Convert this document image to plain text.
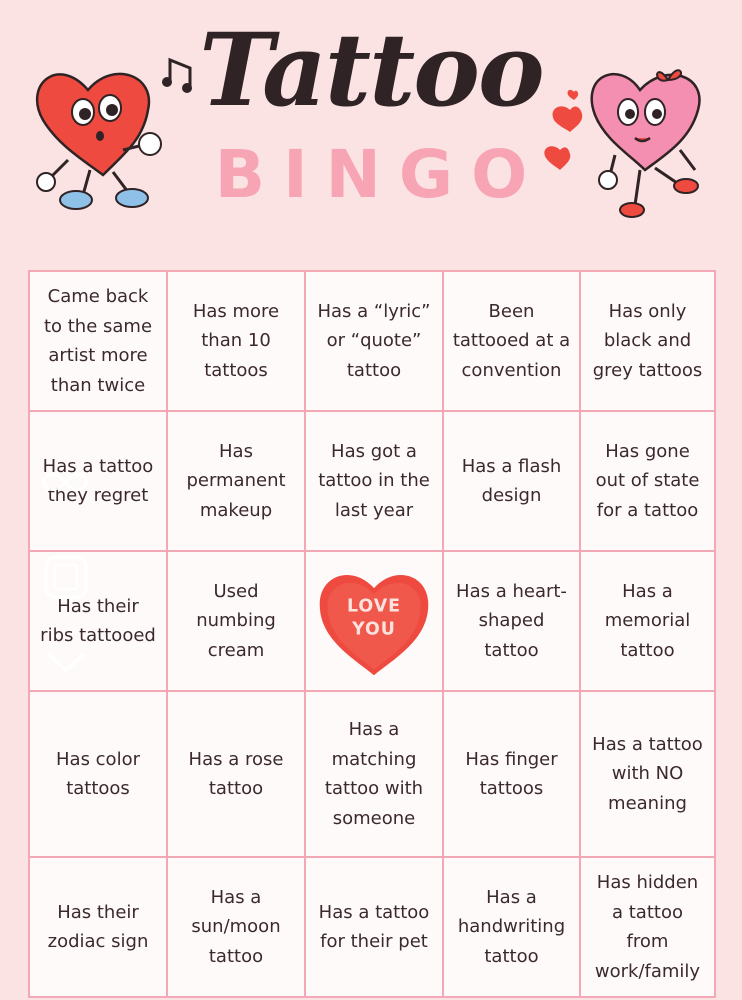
Tattoo
BINGO
Came back to the same artist more than twice
Has more than 10 tattoos
Has a “lyric” or “quote” tattoo
Been tattooed at a convention
Has only black and grey tattoos
Has a tattoo they regret
Has permanent makeup
Has got a tattoo in the last year
Has a flash design
Has gone out of state for a tattoo
Has their ribs tattooed
Used numbing cream
LOVE
YOU
Has a heart-shaped tattoo
Has a memorial tattoo
Has color tattoos
Has a rose tattoo
Has a matching tattoo with someone
Has finger tattoos
Has a tattoo with NO meaning
Has their zodiac sign
Has a sun/moon tattoo
Has a tattoo for their pet
Has a handwriting tattoo
Has hidden a tattoo from work/family
